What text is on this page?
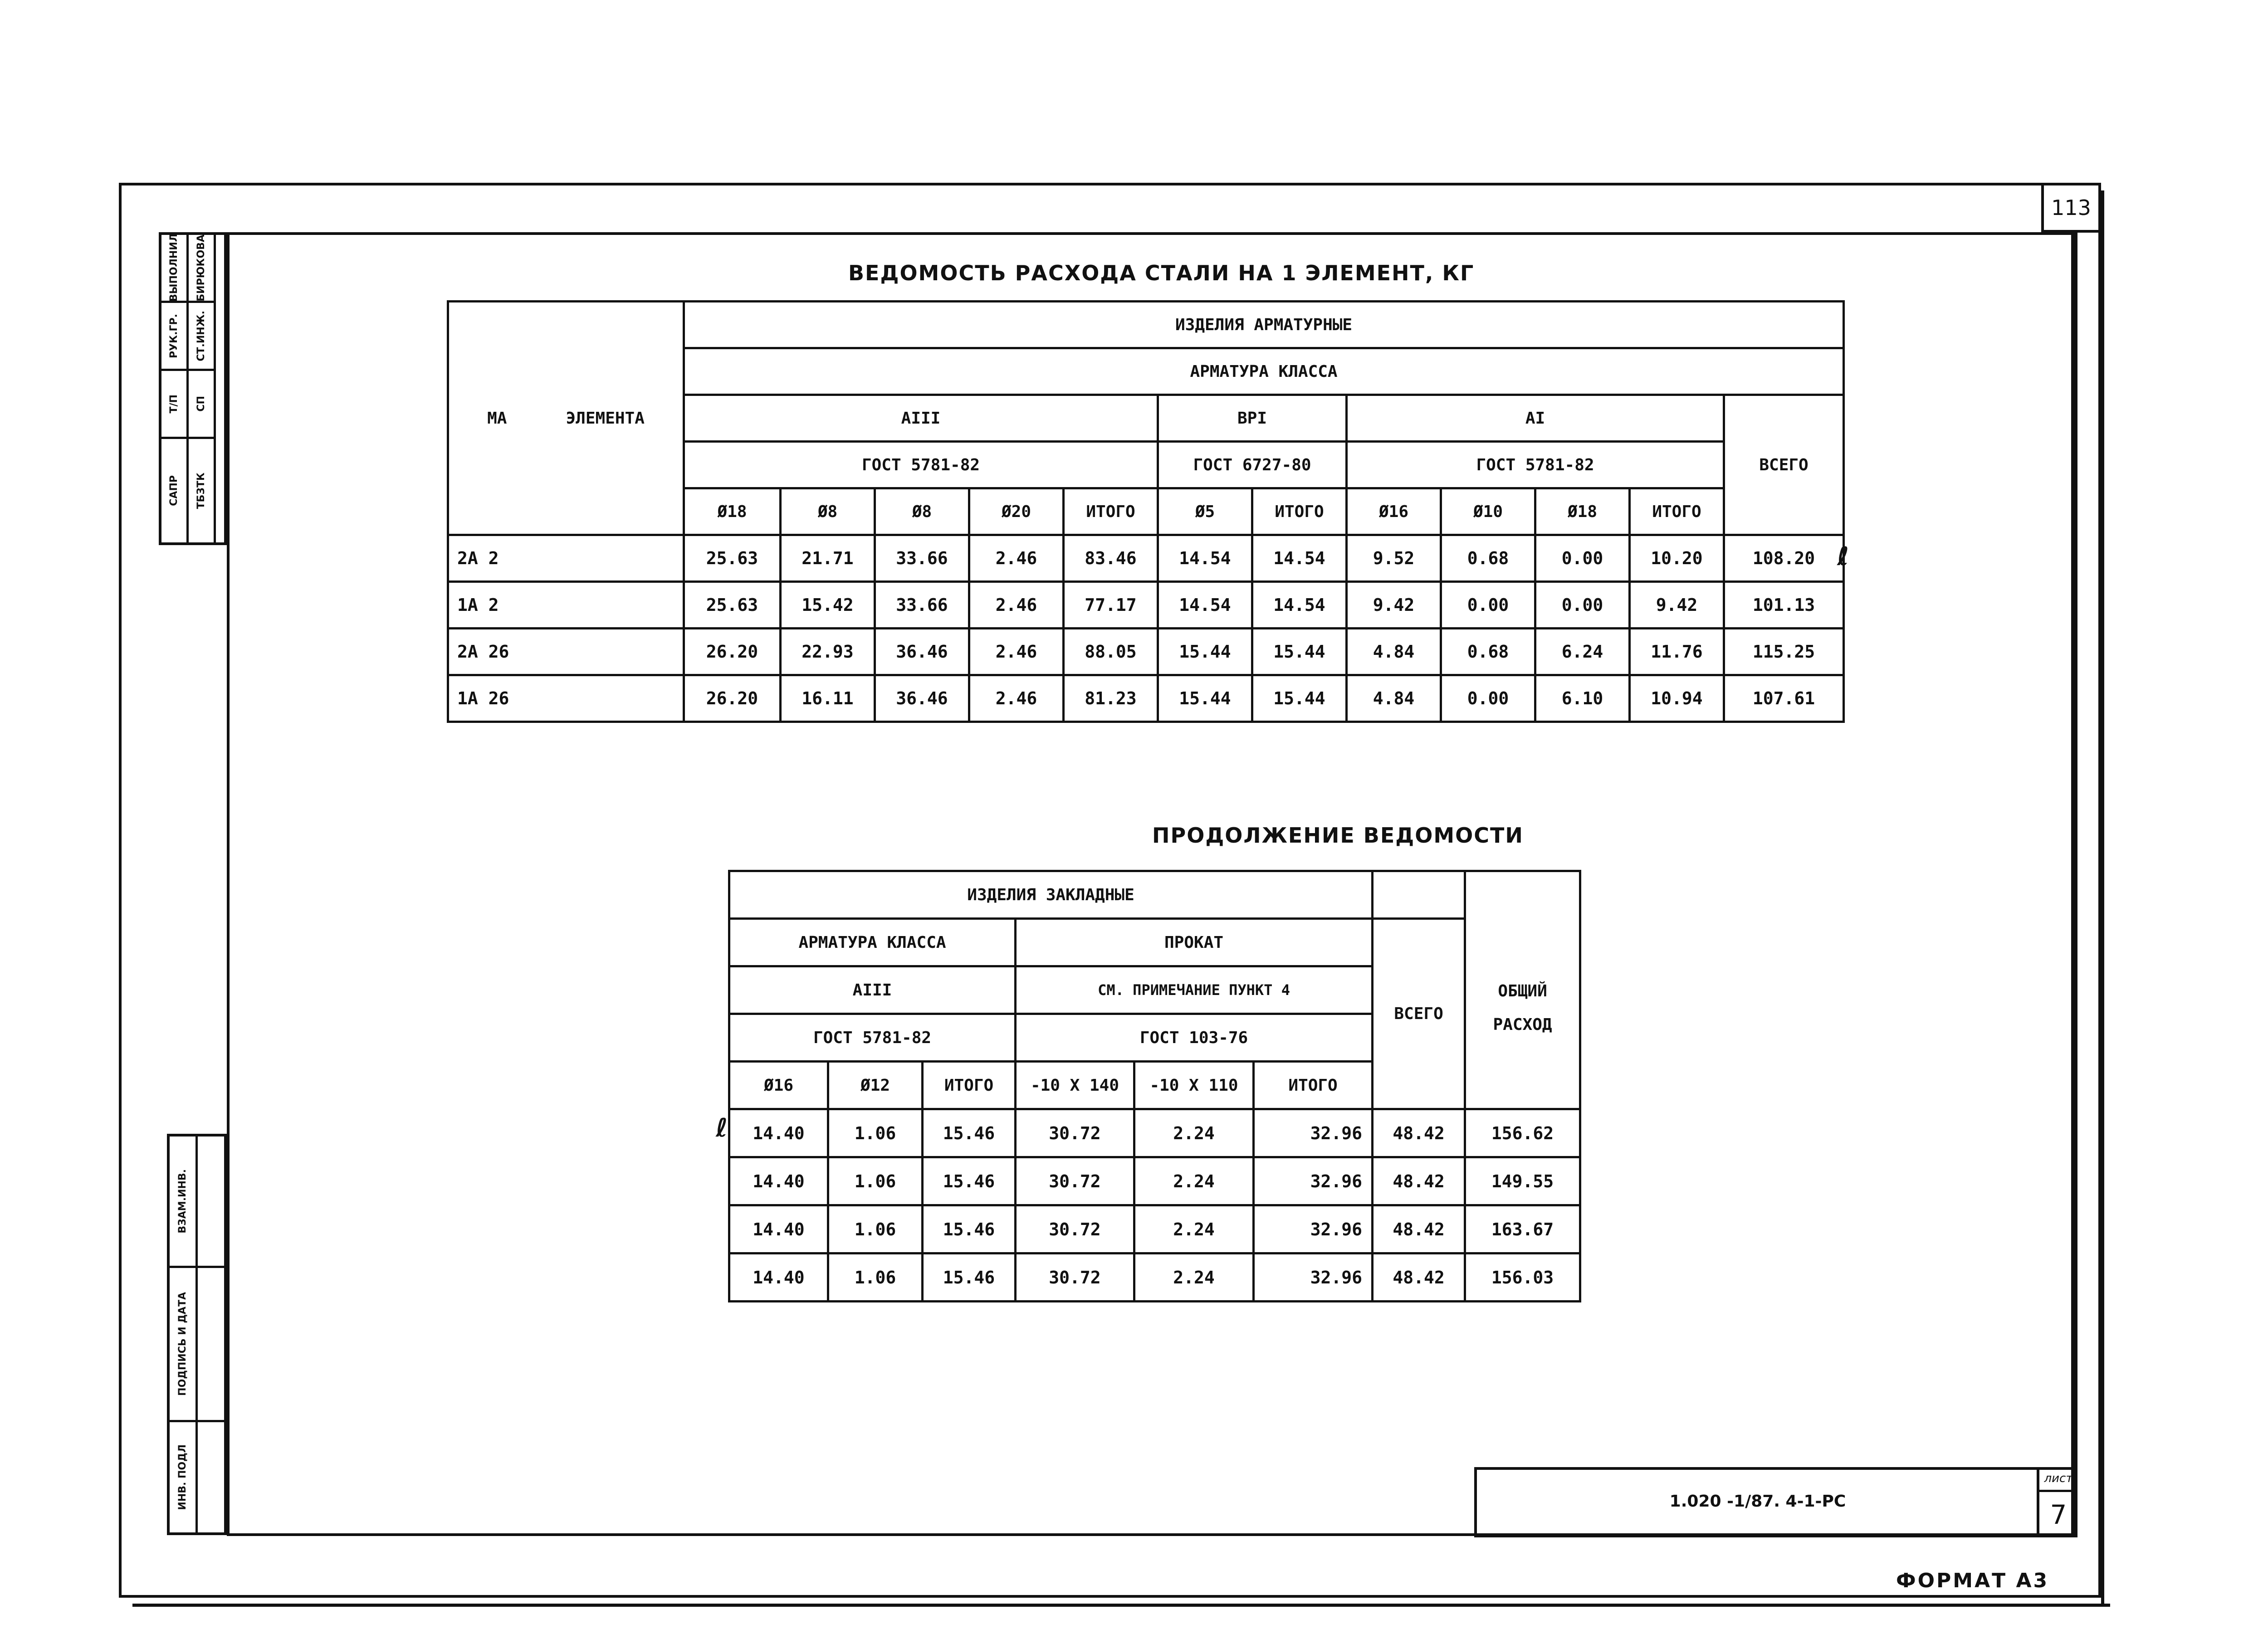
113
ВЫПОЛНИЛ
РУК.ГР.
Т/П
САПР
БИРЮКОВА
СТ.ИНЖ.
СП
ТБЗТК
ВЗАМ.ИНВ.
ПОДПИСЬ И ДАТА
ИНВ. ПОДЛ
ВЕДОМОСТЬ РАСХОДА СТАЛИ НА 1 ЭЛЕМЕНТ, КГ
МА ЭЛЕМЕНТА	ИЗДЕЛИЯ АРМАТУРНЫЕ											
	АРМАТУРА КЛАССА											
	АIII					ВРI		АI				ВСЕГО
	ГОСТ 5781-82					ГОСТ 6727-80		ГОСТ 5781-82				
	Ø18	Ø8	Ø8	Ø20	ИТОГО	Ø5	ИТОГО	Ø16	Ø10	Ø18	ИТОГО	
2А 2	25.63	21.71	33.66	2.46	83.46	14.54	14.54	9.52	0.68	0.00	10.20	108.20
1А 2	25.63	15.42	33.66	2.46	77.17	14.54	14.54	9.42	0.00	0.00	9.42	101.13
2А 26	26.20	22.93	36.46	2.46	88.05	15.44	15.44	4.84	0.68	6.24	11.76	115.25
1А 26	26.20	16.11	36.46	2.46	81.23	15.44	15.44	4.84	0.00	6.10	10.94	107.61
ℓ
ПРОДОЛЖЕНИЕ ВЕДОМОСТИ
ИЗДЕЛИЯ ЗАКЛАДНЫЕ							ОБЩИЙ РАСХОД
АРМАТУРА КЛАССА			ПРОКАТ			ВСЕГО	
АIII			СМ. ПРИМЕЧАНИЕ ПУНКТ 4				
ГОСТ 5781-82			ГОСТ 103-76				
Ø16	Ø12	ИТОГО	-10 Х 140	-10 Х 110	ИТОГО		
14.40	1.06	15.46	30.72	2.24	32.96	48.42	156.62
14.40	1.06	15.46	30.72	2.24	32.96	48.42	149.55
14.40	1.06	15.46	30.72	2.24	32.96	48.42	163.67
14.40	1.06	15.46	30.72	2.24	32.96	48.42	156.03
ℓ
1.020 -1/87. 4-1-РС
лист
7
ФОРМАТ А3
